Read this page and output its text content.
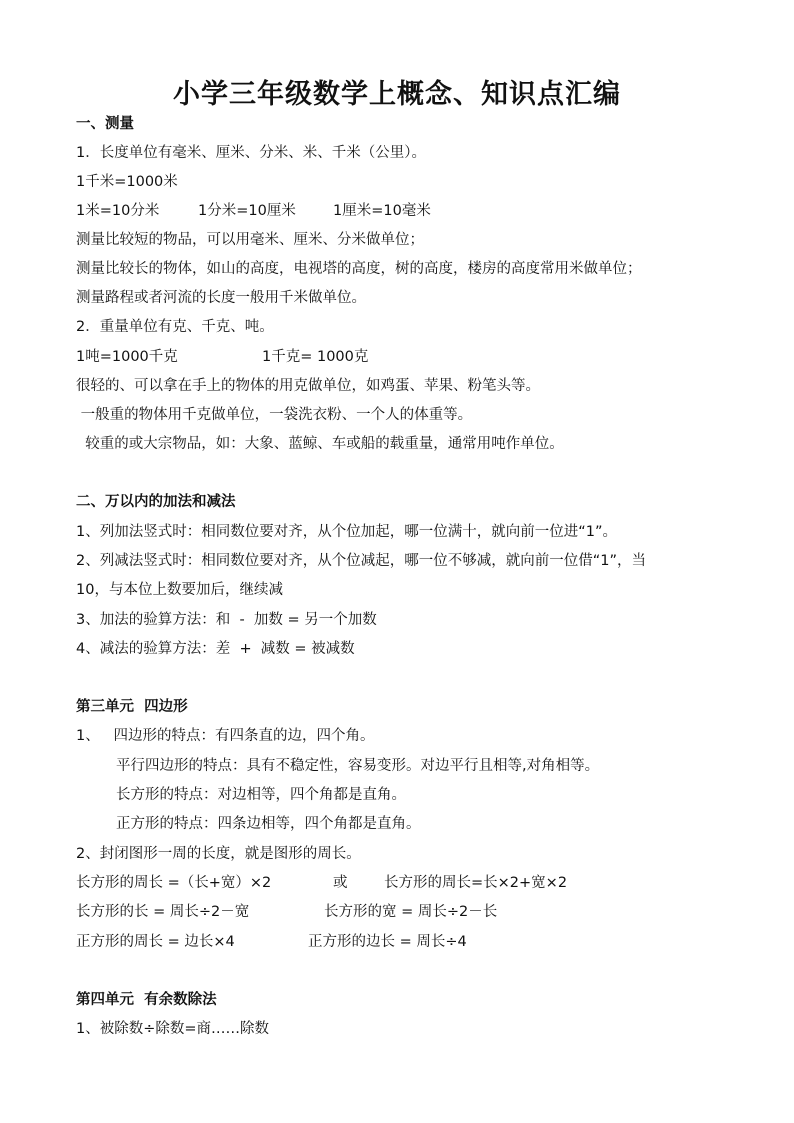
小学三年级数学上概念、知识点汇编
一、测量
1．长度单位有毫米、厘米、分米、米、千米（公里）。
1千米=1000米
1米=10分米	1分米=10厘米	1厘米=10毫米
测量比较短的物品，可以用毫米、厘米、分米做单位；
测量比较长的物体，如山的高度，电视塔的高度，树的高度，楼房的高度常用米做单位；
测量路程或者河流的长度一般用千米做单位。
2．重量单位有克、千克、吨。
1吨=1000千克	1千克= 1000克
很轻的、可以拿在手上的物体的用克做单位，如鸡蛋、苹果、粉笔头等。
一般重的物体用千克做单位，一袋洗衣粉、一个人的体重等。
较重的或大宗物品，如：大象、蓝鲸、车或船的载重量，通常用吨作单位。
二、万以内的加法和减法
1、列加法竖式时：相同数位要对齐，从个位加起，哪一位满十，就向前一位进“1”。
2、列减法竖式时：相同数位要对齐，从个位减起，哪一位不够减，就向前一位借“1”，当
10，与本位上数要加后，继续减
3、加法的验算方法：和  -  加数 = 另一个加数
4、减法的验算方法：差  +  减数 = 被减数
第三单元  四边形
1、   四边形的特点：有四条直的边，四个角。
平行四边形的特点：具有不稳定性，容易变形。对边平行且相等,对角相等。
长方形的特点：对边相等，四个角都是直角。
正方形的特点：四条边相等，四个角都是直角。
2、封闭图形一周的长度，就是图形的周长。
长方形的周长 =（长+宽）×2	或	长方形的周长=长×2+宽×2
长方形的长 = 周长÷2－宽	长方形的宽 = 周长÷2－长
正方形的周长 = 边长×4	正方形的边长 = 周长÷4
第四单元  有余数除法
1、被除数÷除数=商……除数
